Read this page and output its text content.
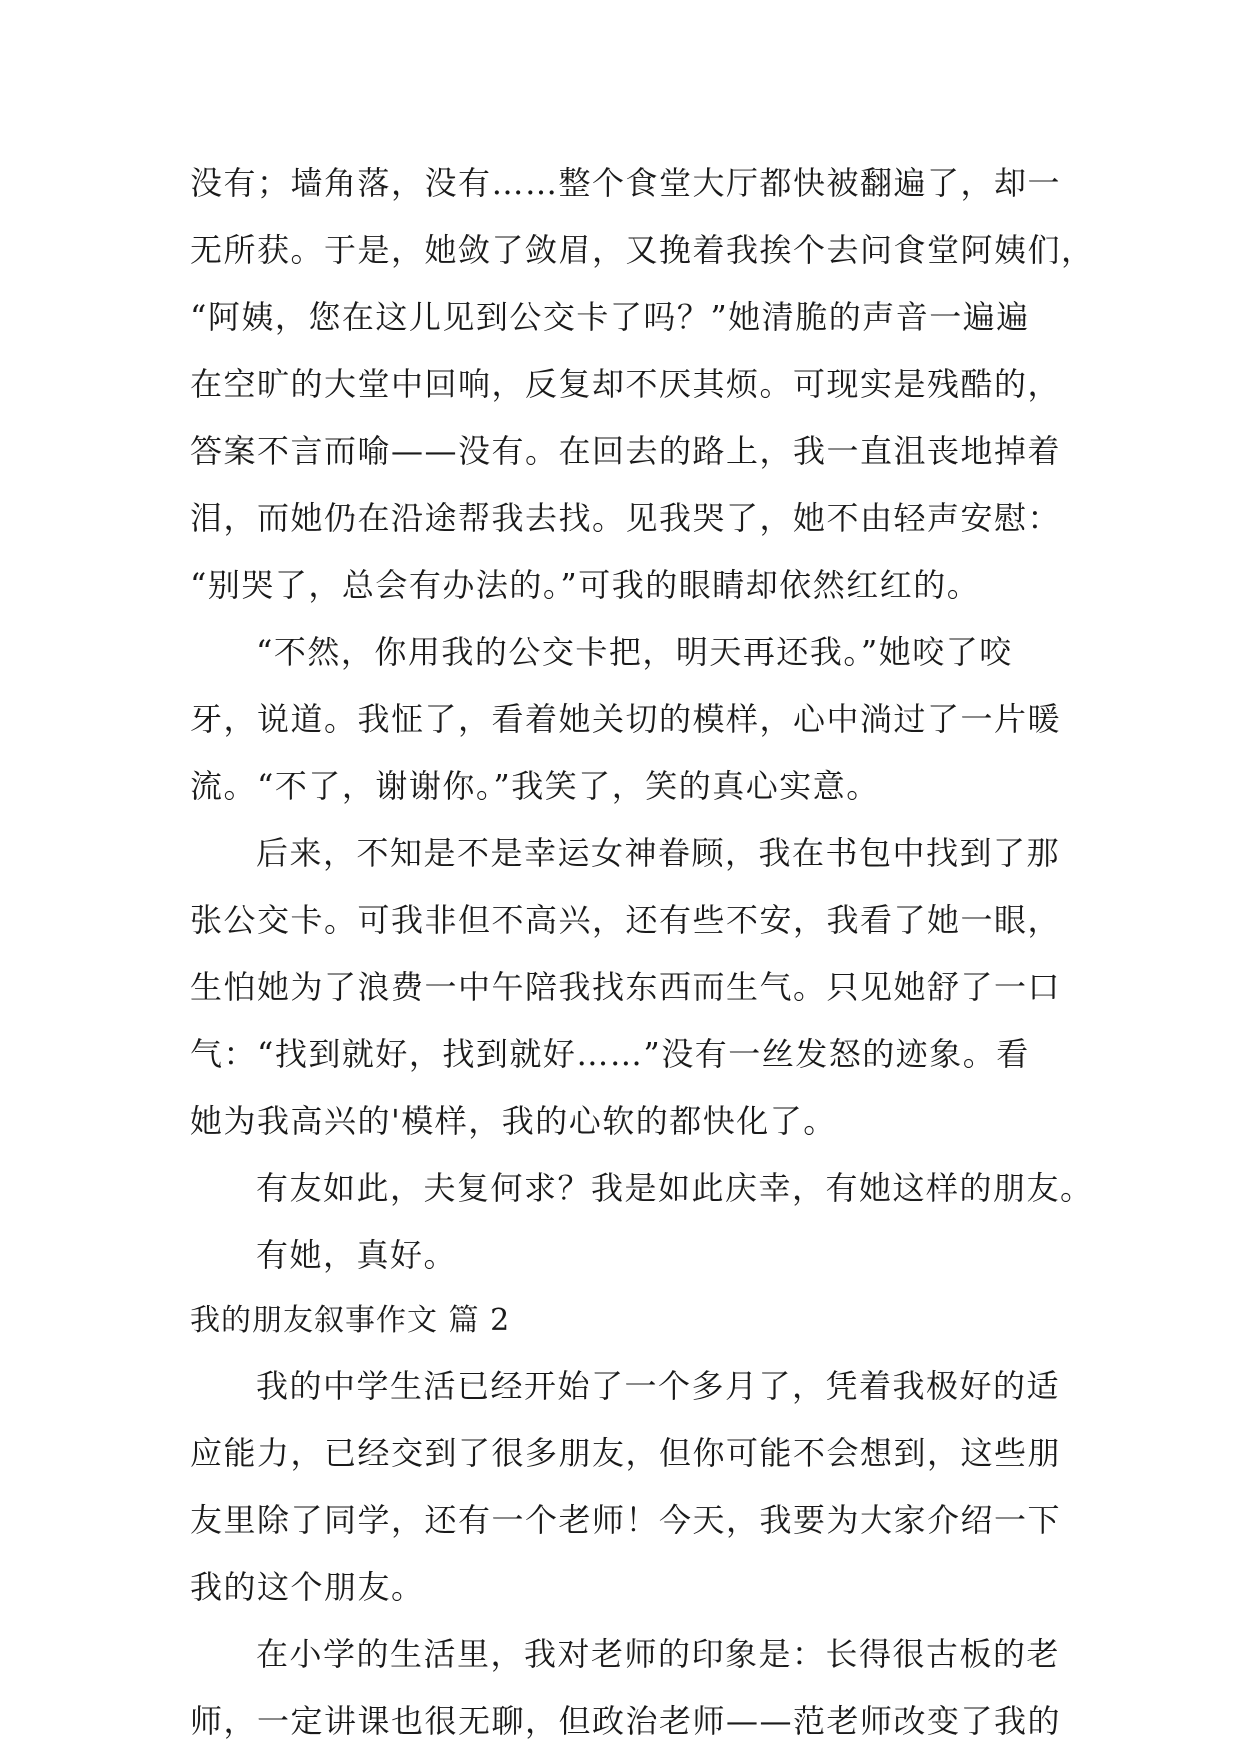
没有；墙角落，没有……整个食堂大厅都快被翻遍了，却一
无所获。于是，她敛了敛眉，又挽着我挨个去问食堂阿姨们，
“阿姨，您在这儿见到公交卡了吗？”她清脆的声音一遍遍
在空旷的大堂中回响，反复却不厌其烦。可现实是残酷的，
答案不言而喻——没有。在回去的路上，我一直沮丧地掉着
泪，而她仍在沿途帮我去找。见我哭了，她不由轻声安慰：
“别哭了，总会有办法的。”可我的眼睛却依然红红的。
“不然，你用我的公交卡把，明天再还我。”她咬了咬
牙，说道。我怔了，看着她关切的模样，心中淌过了一片暖
流。“不了，谢谢你。”我笑了，笑的真心实意。
后来，不知是不是幸运女神眷顾，我在书包中找到了那
张公交卡。可我非但不高兴，还有些不安，我看了她一眼，
生怕她为了浪费一中午陪我找东西而生气。只见她舒了一口
气：“找到就好，找到就好……”没有一丝发怒的迹象。看
她为我高兴的'模样，我的心软的都快化了。
有友如此，夫复何求？我是如此庆幸，有她这样的朋友。
有她，真好。
我的朋友叙事作文 篇 2
我的中学生活已经开始了一个多月了，凭着我极好的适
应能力，已经交到了很多朋友，但你可能不会想到，这些朋
友里除了同学，还有一个老师！今天，我要为大家介绍一下
我的这个朋友。
在小学的生活里，我对老师的印象是：长得很古板的老
师，一定讲课也很无聊，但政治老师——范老师改变了我的
